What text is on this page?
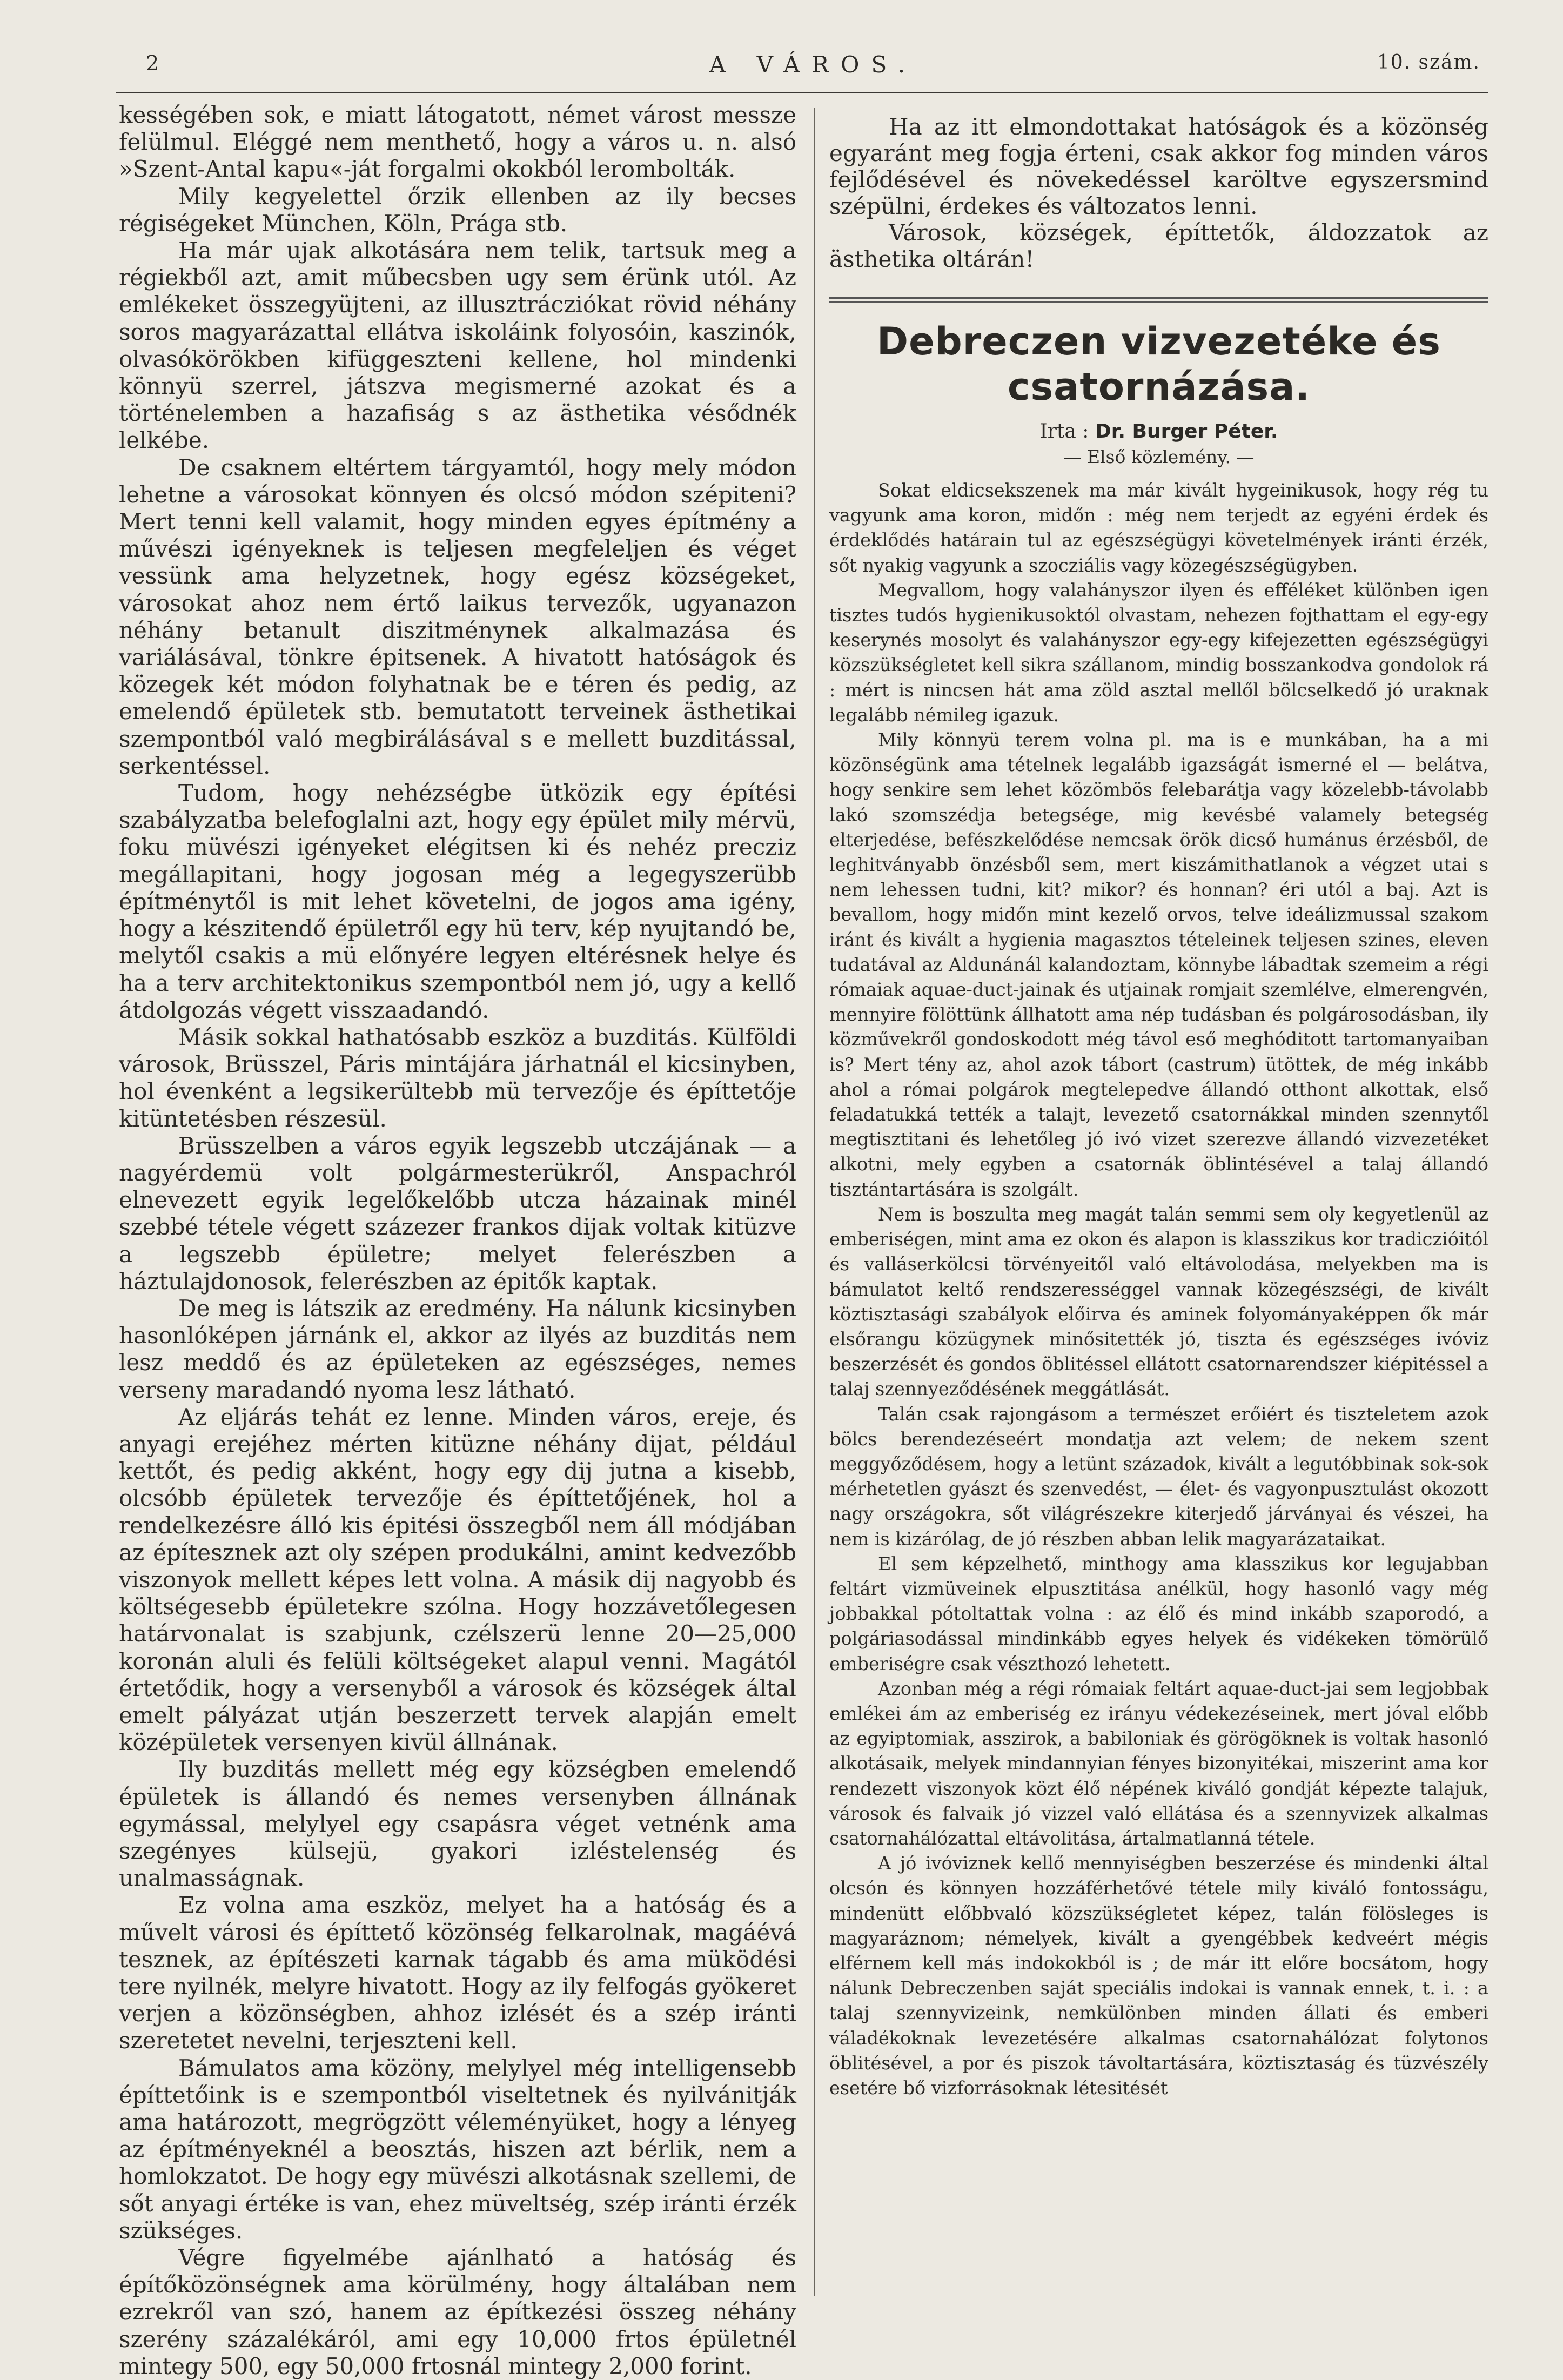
2	A VÁROS.	10. szám.

kességében sok, e miatt látogatott, német várost messze felülmul. Eléggé nem menthető, hogy a város u. n. alsó »Szent-Antal kapu«-ját forgalmi okokból lerombolták.

Mily kegyelettel őrzik ellenben az ily becses régiségeket München, Köln, Prága stb.

Ha már ujak alkotására nem telik, tartsuk meg a régiekből azt, amit műbecsben ugy sem érünk utól. Az emlékeket összegyüjteni, az illusztrácziókat rövid néhány soros magyarázattal ellátva iskoláink folyosóin, kaszinók, olvasókörökben kifüggeszteni kellene, hol mindenki könnyü szerrel, játszva megismerné azokat és a történelemben a hazafiság s az ästhetika vésődnék lelkébe.

De csaknem eltértem tárgyamtól, hogy mely módon lehetne a városokat könnyen és olcsó módon szépiteni? Mert tenni kell valamit, hogy minden egyes építmény a művészi igényeknek is teljesen megfeleljen és véget vessünk ama helyzetnek, hogy egész községeket, városokat ahoz nem értő laikus tervezők, ugyanazon néhány betanult diszitménynek alkalmazása és variálásával, tönkre épitsenek. A hivatott hatóságok és közegek két módon folyhatnak be e téren és pedig, az emelendő épületek stb. bemutatott terveinek ästhetikai szempontból való megbirálásával s e mellett buzditással, serkentéssel.

Tudom, hogy nehézségbe ütközik egy építési szabályzatba belefoglalni azt, hogy egy épület mily mérvü, foku müvészi igényeket elégitsen ki és nehéz precziz megállapitani, hogy jogosan még a legegyszerübb építménytől is mit lehet követelni, de jogos ama igény, hogy a készitendő épületről egy hü terv, kép nyujtandó be, melytől csakis a mü előnyére legyen eltérésnek helye és ha a terv architektonikus szempontból nem jó, ugy a kellő átdolgozás végett visszaadandó.

Másik sokkal hathatósabb eszköz a buzditás. Külföldi városok, Brüsszel, Páris mintájára járhatnál el kicsinyben, hol évenként a legsikerültebb mü tervezője és építtetője kitüntetésben részesül.

Brüsszelben a város egyik legszebb utczájának — a nagyérdemü volt polgármesterükről, Anspachról elnevezett egyik legelőkelőbb utcza házainak minél szebbé tétele végett százezer frankos dijak voltak kitüzve a legszebb épületre; melyet felerészben a háztulajdonosok, felerészben az épitők kaptak.

De meg is látszik az eredmény. Ha nálunk kicsinyben hasonlóképen járnánk el, akkor az ilyés az buzditás nem lesz meddő és az épületeken az egészséges, nemes verseny maradandó nyoma lesz látható.

Az eljárás tehát ez lenne. Minden város, ereje, és anyagi erejéhez mérten kitüzne néhány dijat, például kettőt, és pedig akként, hogy egy dij jutna a kisebb, olcsóbb épületek tervezője és építtetőjének, hol a rendelkezésre álló kis épitési összegből nem áll módjában az építesznek azt oly szépen produkálni, amint kedvezőbb viszonyok mellett képes lett volna. A másik dij nagyobb és költségesebb épületekre szólna. Hogy hozzávetőlegesen határvonalat is szabjunk, czélszerü lenne 20—25,000 koronán aluli és felüli költségeket alapul venni. Magától értetődik, hogy a versenyből a városok és községek által emelt pályázat utján beszerzett tervek alapján emelt középületek versenyen kivül állnának.

Ily buzditás mellett még egy községben emelendő épületek is állandó és nemes versenyben állnának egymással, melylyel egy csapásra véget vetnénk ama szegényes külsejü, gyakori izléstelenség és unalmasságnak.

Ez volna ama eszköz, melyet ha a hatóság és a művelt városi és építtető közönség felkarolnak, magáévá tesznek, az építészeti karnak tágabb és ama müködési tere nyilnék, melyre hivatott. Hogy az ily felfogás gyökeret verjen a közönségben, ahhoz izlését és a szép iránti szeretetet nevelni, terjeszteni kell.

Bámulatos ama közöny, melylyel még intelligensebb építtetőink is e szempontból viseltetnek és nyilvánitják ama határozott, megrögzött véleményüket, hogy a lényeg az építményeknél a beosztás, hiszen azt bérlik, nem a homlokzatot. De hogy egy müvészi alkotásnak szellemi, de sőt anyagi értéke is van, ehez müveltség, szép iránti érzék szükséges.

Végre figyelmébe ajánlható a hatóság és építőközönségnek ama körülmény, hogy általában nem ezrekről van szó, hanem az építkezési összeg néhány szerény százalékáról, ami egy 10,000 frtos épületnél mintegy 500, egy 50,000 frtosnál mintegy 2,000 forint.

Ha az itt elmondottakat hatóságok és a közönség egyaránt meg fogja érteni, csak akkor fog minden város fejlődésével és növekedéssel karöltve egyszersmind szépülni, érdekes és változatos lenni.

Városok, községek, építtetők, áldozzatok az ästhetika oltárán!

Debreczen vizvezetéke és csatornázása.
Irta : Dr. Burger Péter.
— Első közlemény. —

Sokat eldicsekszenek ma már kivált hygeinikusok, hogy rég tu vagyunk ama koron, midőn : még nem terjedt az egyéni érdek és érdeklődés határain tul az egészségügyi követelmények iránti érzék, sőt nyakig vagyunk a szocziális vagy közegészségügyben.

Megvallom, hogy valahányszor ilyen és efféléket különben igen tisztes tudós hygienikusoktól olvastam, nehezen fojthattam el egy-egy keserynés mosolyt és valahányszor egy-egy kifejezetten egészségügyi közszükségletet kell sikra szállanom, mindig bosszankodva gondolok rá : mért is nincsen hát ama zöld asztal mellől bölcselkedő jó uraknak legalább némileg igazuk.

Mily könnyü terem volna pl. ma is e munkában, ha a mi közönségünk ama tételnek legalább igazságát ismerné el — belátva, hogy senkire sem lehet közömbös felebarátja vagy közelebb-távolabb lakó szomszédja betegsége, mig kevésbé valamely betegség elterjedése, befészkelődése nemcsak örök dicső humánus érzésből, de leghitványabb önzésből sem, mert kiszámithatlanok a végzet utai s nem lehessen tudni, kit? mikor? és honnan? éri utól a baj. Azt is bevallom, hogy midőn mint kezelő orvos, telve ideálizmussal szakom iránt és kivált a hygienia magasztos tételeinek teljesen szines, eleven tudatával az Aldunánál kalandoztam, könnybe lábadtak szemeim a régi rómaiak aquae-duct-jainak és utjainak romjait szemlélve, elmerengvén, mennyire fölöttünk állhatott ama nép tudásban és polgárosodásban, ily közművekről gondoskodott még távol eső meghóditott tartomanyaiban is? Mert tény az, ahol azok tábort (castrum) ütöttek, de még inkább ahol a római polgárok megtelepedve állandó otthont alkottak, első feladatukká tették a talajt, levezető csatornákkal minden szennytől megtisztitani és lehetőleg jó ivó vizet szerezve állandó vizvezetéket alkotni, mely egyben a csatornák öblintésével a talaj állandó tisztántartására is szolgált.

Nem is boszulta meg magát talán semmi sem oly kegyetlenül az emberiségen, mint ama ez okon és alapon is klasszikus kor tradiczióitól és valláserkölcsi törvényeitől való eltávolodása, melyekben ma is bámulatot keltő rendszerességgel vannak közegészségi, de kivált köztisztasági szabályok előirva és aminek folyományaképpen ők már elsőrangu közügynek minősitették jó, tiszta és egészséges ivóviz beszerzését és gondos öblitéssel ellátott csatornarendszer kiépitéssel a talaj szennyeződésének meggátlását.

Talán csak rajongásom a természet erőiért és tiszteletem azok bölcs berendezéseért mondatja azt velem; de nekem szent meggyőződésem, hogy a letünt századok, kivált a legutóbbinak sok-sok mérhetetlen gyászt és szenvedést, — élet- és vagyonpusztulást okozott nagy országokra, sőt világrészekre kiterjedő járványai és vészei, ha nem is kizárólag, de jó részben abban lelik magyarázataikat.

El sem képzelhető, minthogy ama klasszikus kor legujabban feltárt vizmüveinek elpusztitása anélkül, hogy hasonló vagy még jobbakkal pótoltattak volna : az élő és mind inkább szaporodó, a polgáriasodással mindinkább egyes helyek és vidékeken tömörülő emberiségre csak vészthozó lehetett.

Azonban még a régi rómaiak feltárt aquae-duct-jai sem legjobbak emlékei ám az emberiség ez irányu védekezéseinek, mert jóval előbb az egyiptomiak, asszirok, a babiloniak és görögöknek is voltak hasonló alkotásaik, melyek mindannyian fényes bizonyitékai, miszerint ama kor rendezett viszonyok közt élő népének kiváló gondját képezte talajuk, városok és falvaik jó vizzel való ellátása és a szennyvizek alkalmas csatornahálózattal eltávolitása, ártalmatlanná tétele.

A jó ivóviznek kellő mennyiségben beszerzése és mindenki által olcsón és könnyen hozzáférhetővé tétele mily kiváló fontosságu, mindenütt előbbvaló közszükségletet képez, talán fölösleges is magyaráznom; némelyek, kivált a gyengébbek kedveért mégis elférnem kell más indokokból is ; de már itt előre bocsátom, hogy nálunk Debreczenben saját speciális indokai is vannak ennek, t. i. : a talaj szennyvizeink, nemkülönben minden állati és emberi váladékoknak levezetésére alkalmas csatornahálózat folytonos öblitésével, a por és piszok távoltartására, köztisztaság és tüzvészély esetére bő vizforrásoknak létesitését
